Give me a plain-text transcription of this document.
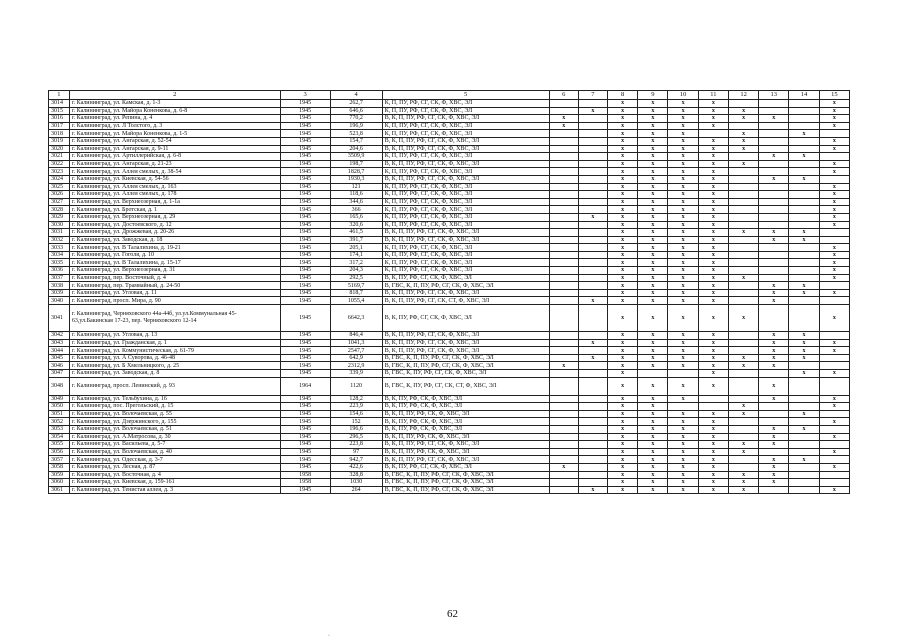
1	2	3	4	5	6	7	8	9	10	11	12	13	14	15
3014	г. Калининград, ул. Камская, д. 1-3	1945	262,7	К, П, ПУ, РФ, СГ, СК, Ф, ХВС, ЭЛ			x	x	x	x				x
3015	г. Калининград, ул. Майора Коненкова, д. 6-8	1945	646,6	К, П, ПУ, РФ, СГ, СК, Ф, ХВС, ЭЛ		x	x	x	x	x	x			x
3016	г. Калининград, ул. Репина, д. 4	1945	770,2	В, К, П, ПУ, РФ, СГ, СК, Ф, ХВС, ЭЛ	x		x	x	x	x	x	x		x
3017	г. Калининград, ул. Л Толстого, д. 3	1945	196,9	К, П, ПУ, РФ, СГ, СК, Ф, ХВС, ЭЛ	x		x	x	x	x				x
3018	г. Калининград, ул. Майора Коненкова, д. 1-5	1945	523,8	К, П, ПУ, РФ, СГ, СК, Ф, ХВС, ЭЛ			x	x	x		x		x	
3019	г. Калининград, ул. Ангарская, д. 52-54	1945	154,7	В, К, П, ПУ, РФ, СГ, СК, Ф, ХВС, ЭЛ			x	x	x	x	x			x
3020	г. Калининград, ул. Ангарская, д. 9-11	1945	204,6	В, К, П, ПУ, РФ, СГ, СК, Ф, ХВС, ЭЛ			x	x	x	x	x			x
3021	г. Калининград, ул. Артиллерийская, д. 6-8	1945	3509,9	К, П, ПУ, РФ, СГ, СК, Ф, ХВС, ЭЛ			x	x	x	x		x	x	
3022	г. Калининград, ул. Ангарская, д. 21-23	1945	198,7	В, К, П, ПУ, РФ, СГ, СК, Ф, ХВС, ЭЛ			x	x	x	x	x			x
3023	г. Калининград, ул. Аллея смелых, д. 38-54	1945	1828,7	К, П, ПУ, РФ, СГ, СК, Ф, ХВС, ЭЛ			x	x	x	x				x
3024	г. Калининград, ул. Киевская, д. 54-56	1945	1930,3	В, К, П, ПУ, РФ, СГ, СК, Ф, ХВС, ЭЛ			x	x	x	x		x	x	
3025	г. Калининград, ул. Аллея смелых, д. 163	1945	121	К, П, ПУ, РФ, СГ, СК, Ф, ХВС, ЭЛ			x	x	x	x				x
3026	г. Калининград, ул. Аллея смелых, д. 178	1945	118,6	К, П, ПУ, РФ, СГ, СК, Ф, ХВС, ЭЛ			x	x	x	x				x
3027	г. Калининград, ул. Верхнеозерная, д. 1-1а	1945	344,6	К, П, ПУ, РФ, СГ, СК, Ф, ХВС, ЭЛ			x	x	x	x				x
3028	г. Калининград, ул. Бротская, д. 1	1945	366	К, П, ПУ, РФ, СГ, СК, Ф, ХВС, ЭЛ			x	x	x	x				x
3029	г. Калининград, ул. Верхнеозерная, д. 29	1945	165,6	К, П, ПУ, РФ, СГ, СК, Ф, ХВС, ЭЛ		x	x	x	x	x				x
3030	г. Калининград, ул. Достоевского, д. 12	1945	320,6	К, П, ПУ, РФ, СГ, СК, Ф, ХВС, ЭЛ			x	x	x	x				x
3031	г. Калининград, ул. Дрожжевая, д. 20-26	1945	461,5	В, К, П, ПУ, РФ, СГ, СК, Ф, ХВС, ЭЛ			x	x	x	x	x	x	x	
3032	г. Калининград, ул. Заводская, д. 18	1945	391,7	В, К, П, ПУ, РФ, СГ, СК, Ф, ХВС, ЭЛ			x	x	x	x		x	x	
3033	г. Калининград, ул. В Талалихина, д. 19-21	1945	205,1	К, П, ПУ, РФ, СГ, СК, Ф, ХВС, ЭЛ			x	x	x	x				x
3034	г. Калининград, ул. Гоголя, д. 10	1945	174,1	К, П, ПУ, РФ, СГ, СК, Ф, ХВС, ЭЛ			x	x	x	x				x
3035	г. Калининград, ул. В Талалихина, д. 15-17	1945	317,2	К, П, ПУ, РФ, СГ, СК, Ф, ХВС, ЭЛ			x	x	x	x				x
3036	г. Калининград, ул. Верхнеозерная, д. 31	1945	204,3	К, П, ПУ, РФ, СГ, СК, Ф, ХВС, ЭЛ			x	x	x	x				x
3037	г. Калининград, пер. Восточный, д. 4	1945	292,5	В, К, ПУ, РФ, СГ, СК, Ф, ХВС, ЭЛ			x	x	x	x	x			x
3038	г. Калининград, пер. Трамвайный, д. 24-50	1945	5169,7	В, ГВС, К, П, ПУ, РФ, СГ, СК, Ф, ХВС, ЭЛ			x	x	x	x		x	x	
3039	г. Калининград, ул. Угловая, д. 11	1945	818,7	В, К, П, ПУ, РФ, СГ, СК, Ф, ХВС, ЭЛ			x	x	x	x		x	x	x
3040	г. Калининград, просп. Мира, д. 90	1945	1055,4	В, К, П, ПУ, РФ, СГ, СК, СТ, Ф, ХВС, ЭЛ		x	x	x	x	x		x		
3041	г. Калининград, Черняховского 44а-44б, ул.ул.Коммунальная 45-63,ул.Бакинская 17-23, пер. Черняховского 12-14	1945	6642,3	В, К, ПУ, РФ, СГ, СК, Ф, ХВС, ЭЛ			x	x	x	x	x			x
3042	г. Калининград, ул. Угловая, д. 13	1945	846,4	В, К, П, ПУ, РФ, СГ, СК, Ф, ХВС, ЭЛ			x	x	x	x		x	x	
3043	г. Калининград, ул. Гражданская, д. 1	1945	1041,3	В, К, П, ПУ, РФ, СГ, СК, Ф, ХВС, ЭЛ		x	x	x	x	x		x	x	x
3044	г. Калининград, ул. Коммунистическая, д. 61-79	1945	2547,7	В, К, П, ПУ, РФ, СГ, СК, Ф, ХВС, ЭЛ			x	x	x	x		x	x	x
3045	г. Калининград, ул. А Суворова, д. 46-48	1945	642,9	В, ГВС, К, П, ПУ, РФ, СГ, СК, Ф, ХВС, ЭЛ		x	x	x	x	x	x	x	x	
3046	г. Калининград, ул. Б Хмельницкого, д. 25	1945	2312,9	В, ГВС, К, П, ПУ, РФ, СГ, СК, Ф, ХВС, ЭЛ	x		x	x	x	x	x	x		
3047	г. Калининград, ул. Заводская, д. 8	1945	339,9	В, ГВС, К, ПУ, РФ, СГ, СК, Ф, ХВС, ЭЛ			x			x			x	x
3048	г. Калининград, просп. Ленинский, д. 93	1964	1120	В, ГВС, К, ПУ, РФ, СГ, СК, СТ, Ф, ХВС, ЭЛ			x	x	x	x		x		
3049	г. Калининград, ул. Тельбухина, д. 16	1945	128,2	В, К, ПУ, РФ, СК, Ф, ХВС, ЭЛ			x	x	x			x		x
3050	г. Калининград, пос. Прегольский, д. 15	1945	223,9	В, К, ПУ, РФ, СК, Ф, ХВС, ЭЛ			x	x			x			x
3051	г. Калининград, ул. Волочаевская, д. 55	1945	154,6	В, К, П, ПУ, РФ, СК, Ф, ХВС, ЭЛ			x	x	x	x	x		x	
3052	г. Калининград, ул. Дзержинского, д. 155	1945	152	В, К, ПУ, РФ, СК, Ф, ХВС, ЭЛ			x	x	x	x				x
3053	г. Калининград, ул. Волочаевская, д. 51	1945	196,6	В, К, ПУ, РФ, СК, Ф, ХВС, ЭЛ			x	x	x	x		x	x	
3054	г. Калининград, ул. А.Матросова, д. 30	1945	296,5	В, К, П, ПУ, РФ, СК, Ф, ХВС, ЭЛ			x	x	x	x		x		x
3055	г. Калининград, ул. Васильева, д. 5-7	1945	223,8	В, К, П, ПУ, РФ, СГ, СК, Ф, ХВС, ЭЛ			x	x	x	x	x	x		
3056	г. Калининград, ул. Волочаевская, д. 40	1945	97	В, К, П, ПУ, РФ, СК, Ф, ХВС, ЭЛ			x	x	x	x	x			x
3057	г. Калининград, ул. Одесская, д. 3-7	1945	942,7	В, К, П, ПУ, РФ, СГ, СК, Ф, ХВС, ЭЛ			x	x	x	x		x	x	
3058	г. Калининград, ул. Лесная, д. 87	1945	422,6	В, К, ПУ, РФ, СГ, СК, Ф, ХВС, ЭЛ	x		x	x	x	x		x		x
3059	г. Калининград, ул. Восточная, д. 4	1958	328,8	В, ГВС, К, П, ПУ, РФ, СГ, СК, Ф, ХВС, ЭЛ			x	x	x	x	x	x		
3060	г. Калининград, ул. Киевская, д. 159-161	1958	1030	В, ГВС, К, П, ПУ, РФ, СГ, СК, Ф, ХВС, ЭЛ			x	x	x	x	x	x		
3061	г. Калининград, ул. Тенистая аллея, д. 3	1945	264	В, ГВС, К, П, ПУ, РФ, СГ, СК, Ф, ХВС, ЭЛ		x	x	x	x	x	x			x
62
·
